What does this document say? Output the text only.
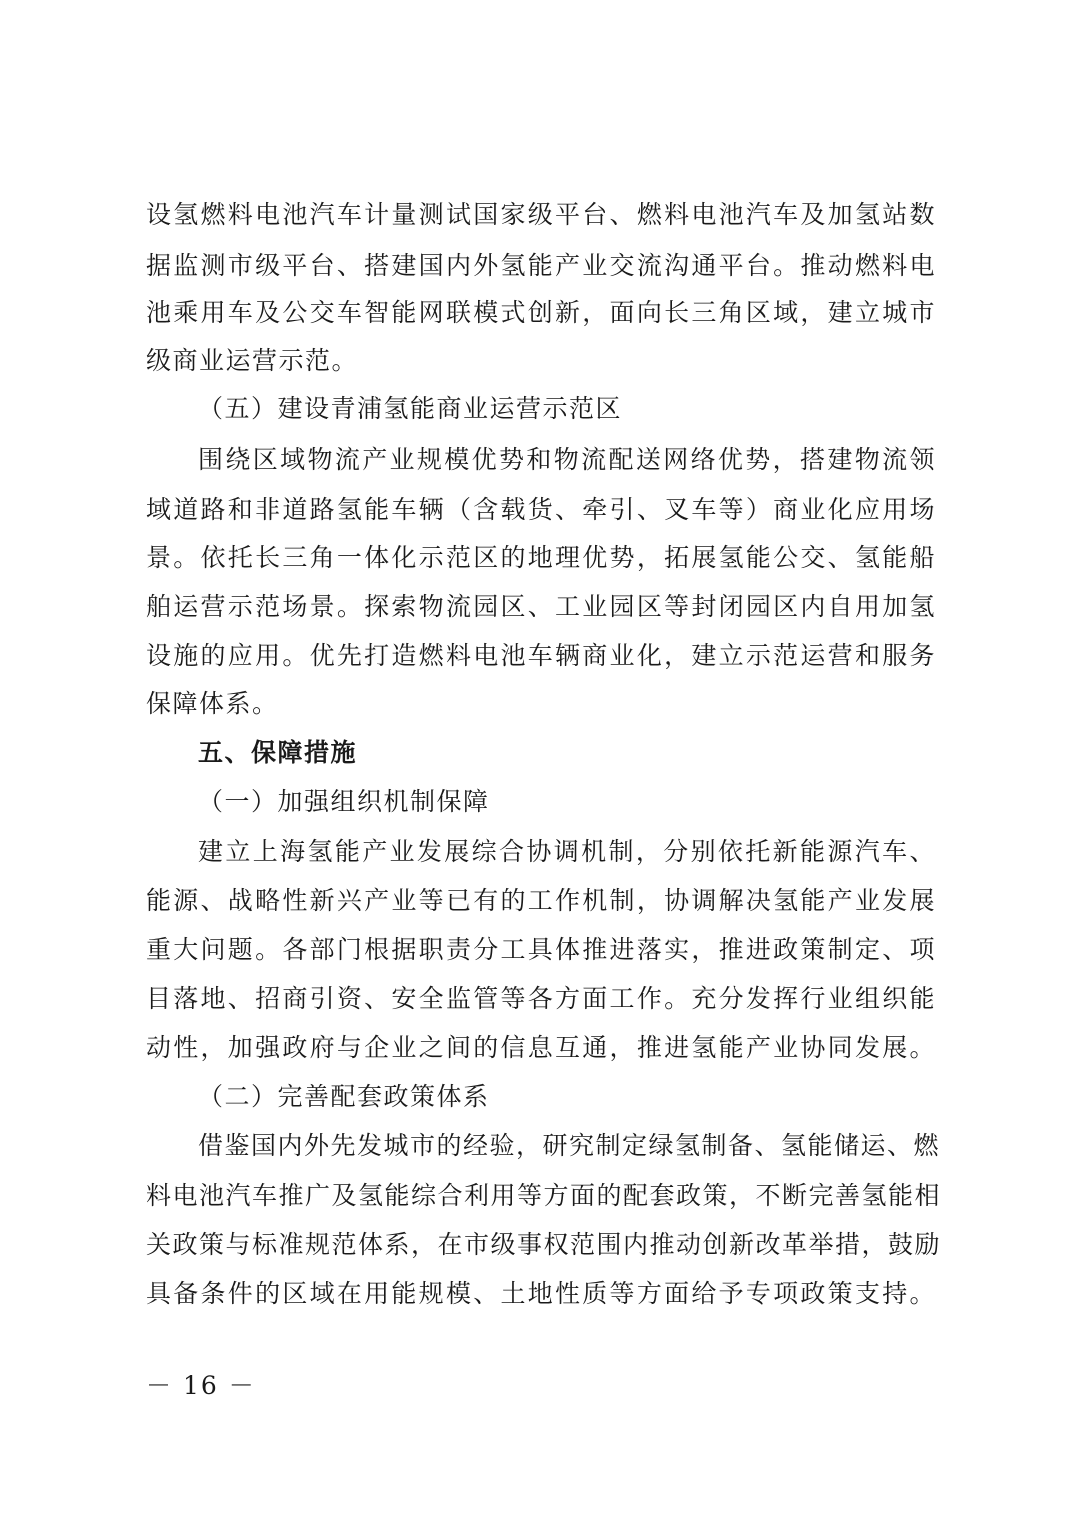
设氢燃料电池汽车计量测试国家级平台、燃料电池汽车及加氢站数
据监测市级平台、搭建国内外氢能产业交流沟通平台。推动燃料电
池乘用车及公交车智能网联模式创新，面向长三角区域，建立城市
级商业运营示范。
（五）建设青浦氢能商业运营示范区
围绕区域物流产业规模优势和物流配送网络优势，搭建物流领
域道路和非道路氢能车辆（含载货、牵引、叉车等）商业化应用场
景。依托长三角一体化示范区的地理优势，拓展氢能公交、氢能船
舶运营示范场景。探索物流园区、工业园区等封闭园区内自用加氢
设施的应用。优先打造燃料电池车辆商业化，建立示范运营和服务
保障体系。
五、保障措施
（一）加强组织机制保障
建立上海氢能产业发展综合协调机制，分别依托新能源汽车、
能源、战略性新兴产业等已有的工作机制，协调解决氢能产业发展
重大问题。各部门根据职责分工具体推进落实，推进政策制定、项
目落地、招商引资、安全监管等各方面工作。充分发挥行业组织能
动性，加强政府与企业之间的信息互通，推进氢能产业协同发展。
（二）完善配套政策体系
借鉴国内外先发城市的经验，研究制定绿氢制备、氢能储运、燃
料电池汽车推广及氢能综合利用等方面的配套政策，不断完善氢能相
关政策与标准规范体系，在市级事权范围内推动创新改革举措，鼓励
具备条件的区域在用能规模、土地性质等方面给予专项政策支持。
－ 16 －
